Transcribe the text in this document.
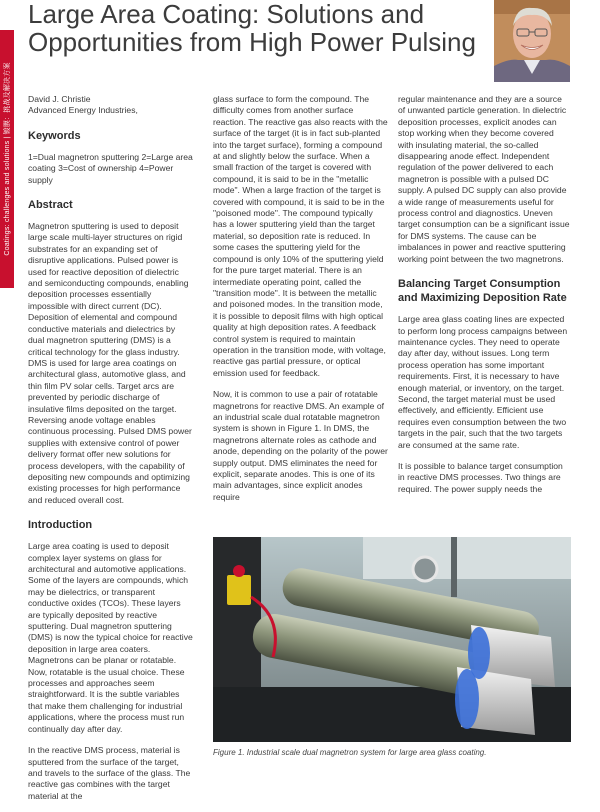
Coatings: challenges and solutions | 镀膜：挑战及解决方案
Large Area Coating: Solutions and Opportunities from High Power Pulsing

David J. Christie
Advanced Energy Industries,

Keywords

1=Dual magnetron sputtering 2=Large area coating 3=Cost of ownership 4=Power supply

Abstract

Magnetron sputtering is used to deposit large scale multi-layer structures on rigid substrates for an expanding set of disruptive applications. Pulsed power is used for reactive deposition of dielectric and semiconducting compounds, enabling deposition processes essentially impossible with direct current (DC). Deposition of elemental and compound conductive materials and dielectrics by dual magnetron sputtering (DMS) is a critical technology for the glass industry. DMS is used for large area coatings on architectural glass, automotive glass, and thin film PV solar cells. Target arcs are prevented by periodic discharge of insulative films deposited on the target. Reversing anode voltage enables continuous processing. Pulsed DMS power supplies with extensive control of power delivery format offer new solutions for process developers, with the capability of depositing new compounds and optimizing existing processes for high performance and reduced overall cost.

Introduction

Large area coating is used to deposit complex layer systems on glass for architectural and automotive applications. Some of the layers are compounds, which may be dielectrics, or transparent conductive oxides (TCOs). These layers are typically deposited by reactive sputtering. Dual magnetron sputtering (DMS) is now the typical choice for reactive deposition in large area coaters. Magnetrons can be planar or rotatable. Now, rotatable is the usual choice. These processes and approaches seem straightforward. It is the subtle variables that make them challenging for industrial applications, where the process must run continually day after day.

In the reactive DMS process, material is sputtered from the surface of the target, and travels to the surface of the glass. The reactive gas combines with the target material at the

glass surface to form the compound. The difficulty comes from another surface reaction. The reactive gas also reacts with the surface of the target (it is in fact sub-planted into the target surface), forming a compound at and slightly below the surface. When a small fraction of the target is covered with compound, it is said to be in the "metallic mode". When a large fraction of the target is covered with compound, it is said to be in the "poisoned mode". The compound typically has a lower sputtering yield than the target material, so deposition rate is reduced. In some cases the sputtering yield for the compound is only 10% of the sputtering yield for the pure target material. There is an intermediate operating point, called the "transition mode". It is between the metallic and poisoned modes. In the transition mode, it is possible to deposit films with high optical quality at high deposition rates. A feedback control system is required to maintain operation in the transition mode, with voltage, reactive gas partial pressure, or optical emission used for feedback.

Now, it is common to use a pair of rotatable magnetrons for reactive DMS. An example of an industrial scale dual rotatable magnetron system is shown in Figure 1. In DMS, the magnetrons alternate roles as cathode and anode, depending on the polarity of the power supply output. DMS eliminates the need for explicit, separate anodes. This is one of its main advantages, since explicit anodes require

regular maintenance and they are a source of unwanted particle generation. In dielectric deposition processes, explicit anodes can stop working when they become covered with insulating material, the so-called disappearing anode effect. Independent regulation of the power delivered to each magnetron is possible with a pulsed DC supply. A pulsed DC supply can also provide a wide range of measurements useful for process control and diagnostics. Uneven target consumption can be a significant issue for DMS systems. The cause can be imbalances in power and reactive sputtering working point between the two magnetrons.

Balancing Target Consumption and Maximizing Deposition Rate

Large area glass coating lines are expected to perform long process campaigns between maintenance cycles. They need to operate day after day, without issues. Long term process operation has some important requirements. First, it is necessary to have enough material, or inventory, on the target. Second, the target material must be used effectively, and efficiently. Efficient use requires even consumption between the two targets in the pair, such that the two targets are consumed at the same rate.

It is possible to balance target consumption in reactive DMS processes. Two things are required. The power supply needs the

Figure 1. Industrial scale dual magnetron system for large area glass coating.
